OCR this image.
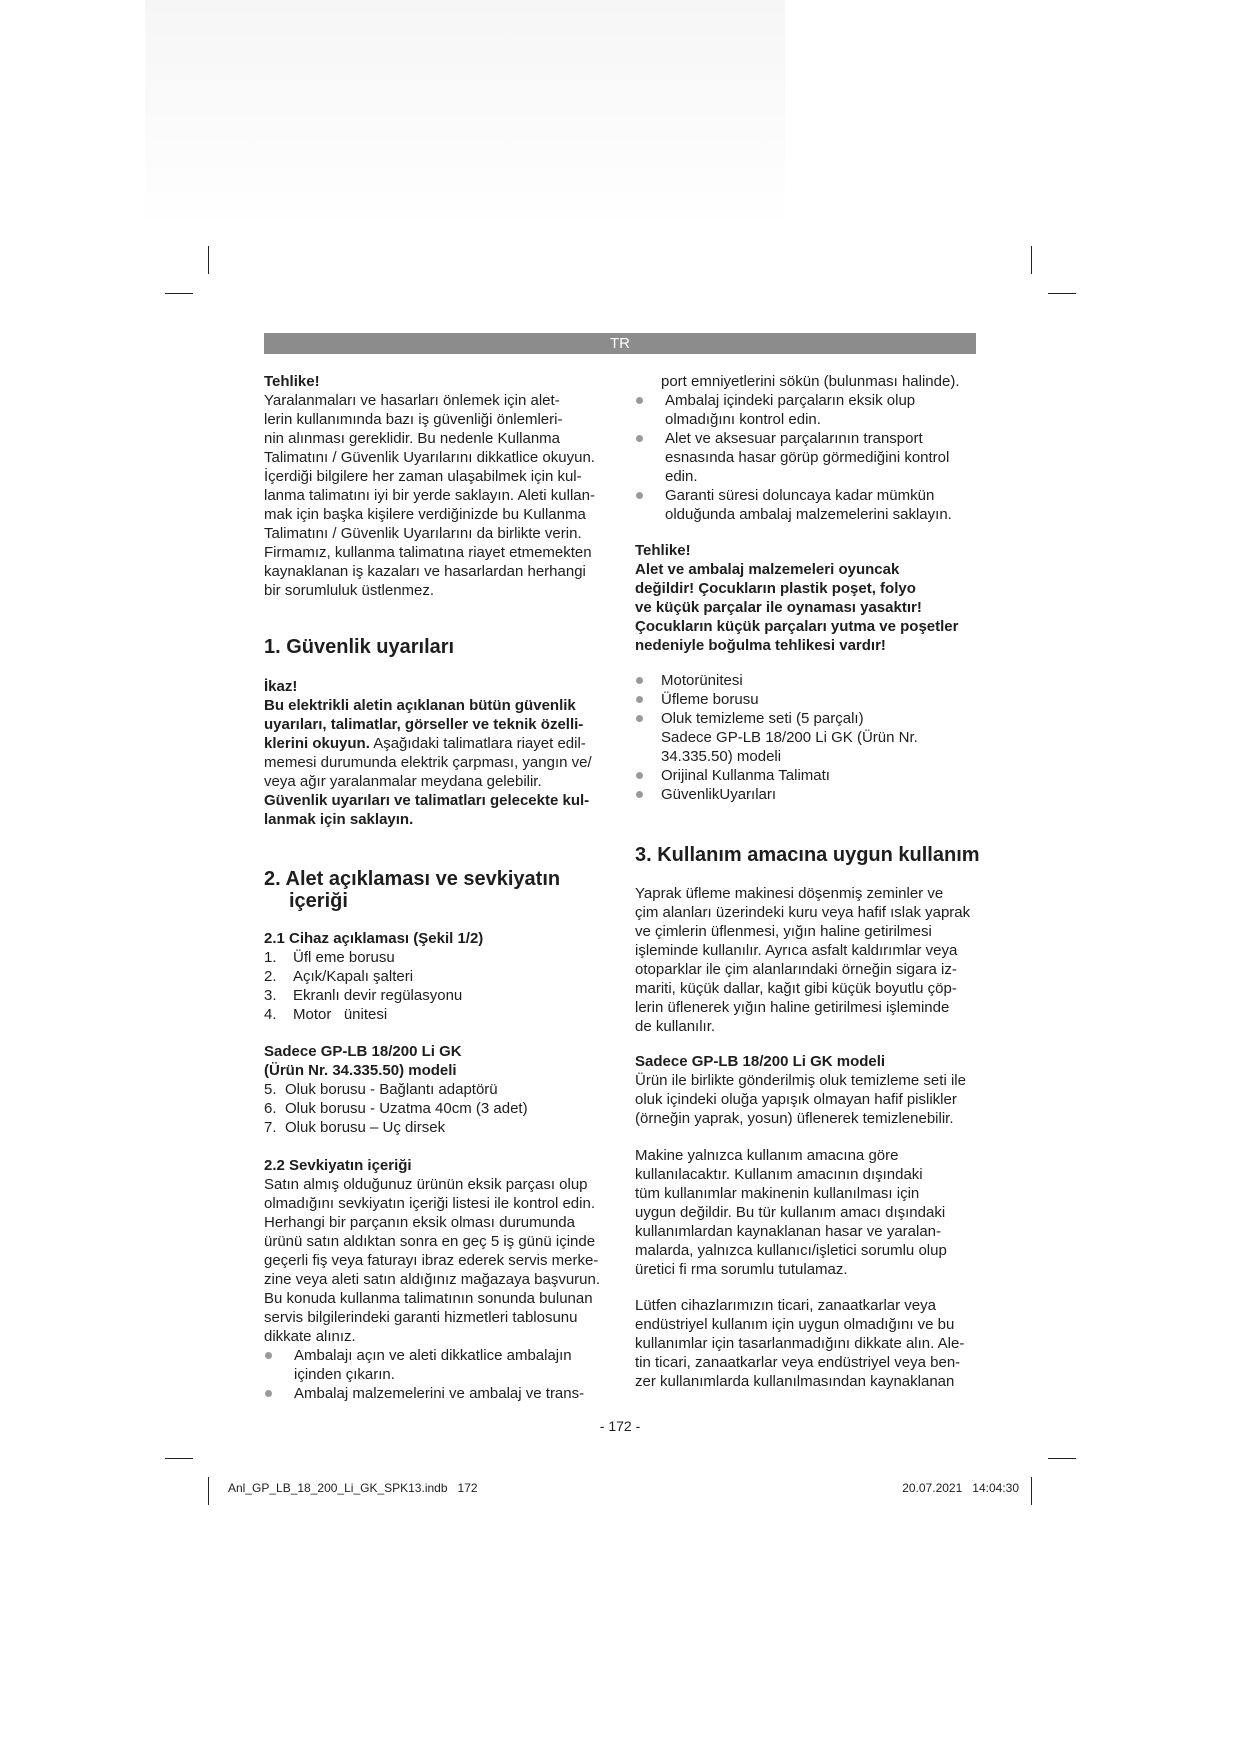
TR
Tehlike!
Yaralanmaları ve hasarları önlemek için alet-
lerin kullanımında bazı iş güvenliği önlemleri-
nin alınması gereklidir. Bu nedenle Kullanma
Talimatını / Güvenlik Uyarılarını dikkatlice okuyun.
İçerdiği bilgilere her zaman ulaşabilmek için kul-
lanma talimatını iyi bir yerde saklayın. Aleti kullan-
mak için başka kişilere verdiğinizde bu Kullanma
Talimatını / Güvenlik Uyarılarını da birlikte verin.
Firmamız, kullanma talimatına riayet etmemekten
kaynaklanan iş kazaları ve hasarlardan herhangi
bir sorumluluk üstlenmez.
1. Güvenlik uyarıları
İkaz!
Bu elektrikli aletin açıklanan bütün güvenlik
uyarıları, talimatlar, görseller ve teknik özelli-
klerini okuyun. Aşağıdaki talimatlara riayet edil-
memesi durumunda elektrik çarpması, yangın ve/
veya ağır yaralanmalar meydana gelebilir.
Güvenlik uyarıları ve talimatları gelecekte kul-
lanmak için saklayın.
2. Alet açıklaması ve sevkiyatın
içeriği
2.1 Cihaz açıklaması (Şekil 1/2)
1.	Üfl eme borusu
2.	Açık/Kapalı şalteri
3.	Ekranlı devir regülasyonu
4.	Motor   ünitesi
Sadece GP-LB 18/200 Li GK
(Ürün Nr. 34.335.50) modeli
5. Oluk borusu - Bağlantı adaptörü
6. Oluk borusu - Uzatma 40cm (3 adet)
7. Oluk borusu – Uç dirsek
2.2 Sevkiyatın içeriği
Satın almış olduğunuz ürünün eksik parçası olup
olmadığını sevkiyatın içeriği listesi ile kontrol edin.
Herhangi bir parçanın eksik olması durumunda
ürünü satın aldıktan sonra en geç 5 iş günü içinde
geçerli fiş veya faturayı ibraz ederek servis merke-
zine veya aleti satın aldığınız mağazaya başvurun.
Bu konuda kullanma talimatının sonunda bulunan
servis bilgilerindeki garanti hizmetleri tablosunu
dikkate alınız.
Ambalajı açın ve aleti dikkatlice ambalajın
içinden çıkarın.
Ambalaj malzemelerini ve ambalaj ve trans-
port emniyetlerini sökün (bulunması halinde).
Ambalaj içindeki parçaların eksik olup
olmadığını kontrol edin.
Alet ve aksesuar parçalarının transport
esnasında hasar görüp görmediğini kontrol
edin.
Garanti süresi doluncaya kadar mümkün
olduğunda ambalaj malzemelerini saklayın.
Tehlike!
Alet ve ambalaj malzemeleri oyuncak
değildir! Çocukların plastik poşet, folyo
ve küçük parçalar ile oynaması yasaktır!
Çocukların küçük parçaları yutma ve poşetler
nedeniyle boğulma tehlikesi vardır!
Motorünitesi
Üfleme borusu
Oluk temizleme seti (5 parçalı)
Sadece GP-LB 18/200 Li GK (Ürün Nr.
34.335.50) modeli
Orijinal Kullanma Talimatı
GüvenlikUyarıları
3. Kullanım amacına uygun kullanım
Yaprak üfleme makinesi döşenmiş zeminler ve
çim alanları üzerindeki kuru veya hafif ıslak yaprak
ve çimlerin üflenmesi, yığın haline getirilmesi
işleminde kullanılır. Ayrıca asfalt kaldırımlar veya
otoparklar ile çim alanlarındaki örneğin sigara iz-
mariti, küçük dallar, kağıt gibi küçük boyutlu çöp-
lerin üflenerek yığın haline getirilmesi işleminde
de kullanılır.
Sadece GP-LB 18/200 Li GK modeli
Ürün ile birlikte gönderilmiş oluk temizleme seti ile
oluk içindeki oluğa yapışık olmayan hafif pislikler
(örneğin yaprak, yosun) üflenerek temizlenebilir.
Makine yalnızca kullanım amacına göre
kullanılacaktır. Kullanım amacının dışındaki
tüm kullanımlar makinenin kullanılması için
uygun değildir. Bu tür kullanım amacı dışındaki
kullanımlardan kaynaklanan hasar ve yaralan-
malarda, yalnızca kullanıcı/işletici sorumlu olup
üretici fi rma sorumlu tutulamaz.
Lütfen cihazlarımızın ticari, zanaatkarlar veya
endüstriyel kullanım için uygun olmadığını ve bu
kullanımlar için tasarlanmadığını dikkate alın. Ale-
tin ticari, zanaatkarlar veya endüstriyel veya ben-
zer kullanımlarda kullanılmasından kaynaklanan
- 172 -
Anl_GP_LB_18_200_Li_GK_SPK13.indb 172	20.07.2021 14:04:30
